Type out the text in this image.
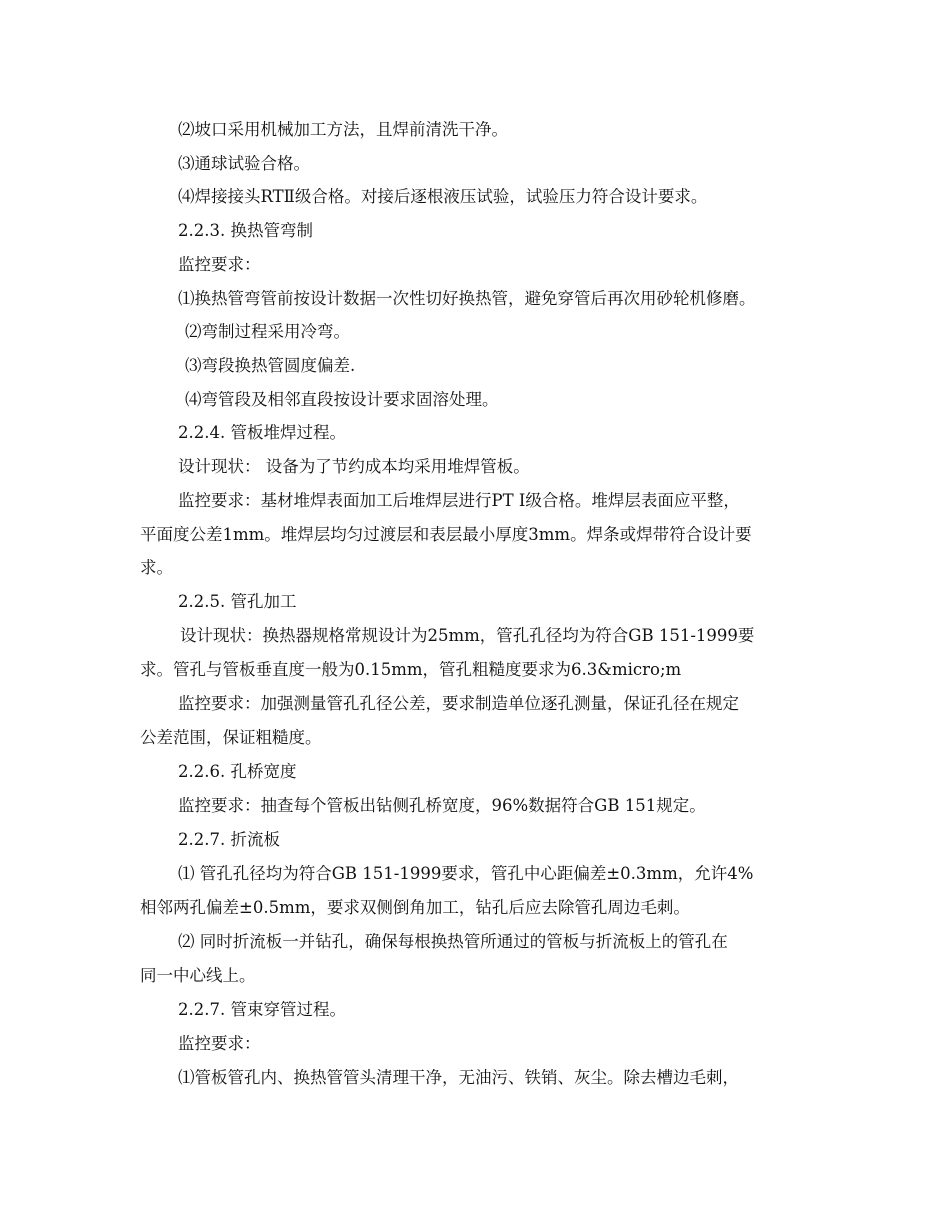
⑵坡口采用机械加工方法，且焊前清洗干净。
⑶通球试验合格。
⑷焊接接头RTⅡ级合格。对接后逐根液压试验，试验压力符合设计要求。
2.2.3. 换热管弯制
监控要求：
⑴换热管弯管前按设计数据一次性切好换热管，避免穿管后再次用砂轮机修磨。
⑵弯制过程采用冷弯。
⑶弯段换热管圆度偏差.
⑷弯管段及相邻直段按设计要求固溶处理。
2.2.4. 管板堆焊过程。
设计现状： 设备为了节约成本均采用堆焊管板。
监控要求：基材堆焊表面加工后堆焊层进行PT Ⅰ级合格。堆焊层表面应平整，
平面度公差1mm。堆焊层均匀过渡层和表层最小厚度3mm。焊条或焊带符合设计要
求。
2.2.5. 管孔加工
设计现状：换热器规格常规设计为25mm，管孔孔径均为符合GB 151-1999要
求。管孔与管板垂直度一般为0.15mm，管孔粗糙度要求为6.3&micro;m
监控要求：加强测量管孔孔径公差，要求制造单位逐孔测量，保证孔径在规定
公差范围，保证粗糙度。
2.2.6. 孔桥宽度
监控要求：抽查每个管板出钻侧孔桥宽度，96%数据符合GB 151规定。
2.2.7. 折流板
⑴ 管孔孔径均为符合GB 151-1999要求，管孔中心距偏差±0.3mm，允许4%
相邻两孔偏差±0.5mm，要求双侧倒角加工，钻孔后应去除管孔周边毛刺。
⑵ 同时折流板一并钻孔，确保每根换热管所通过的管板与折流板上的管孔在
同一中心线上。
2.2.7. 管束穿管过程。
监控要求：
⑴管板管孔内、换热管管头清理干净，无油污、铁销、灰尘。除去槽边毛刺，
